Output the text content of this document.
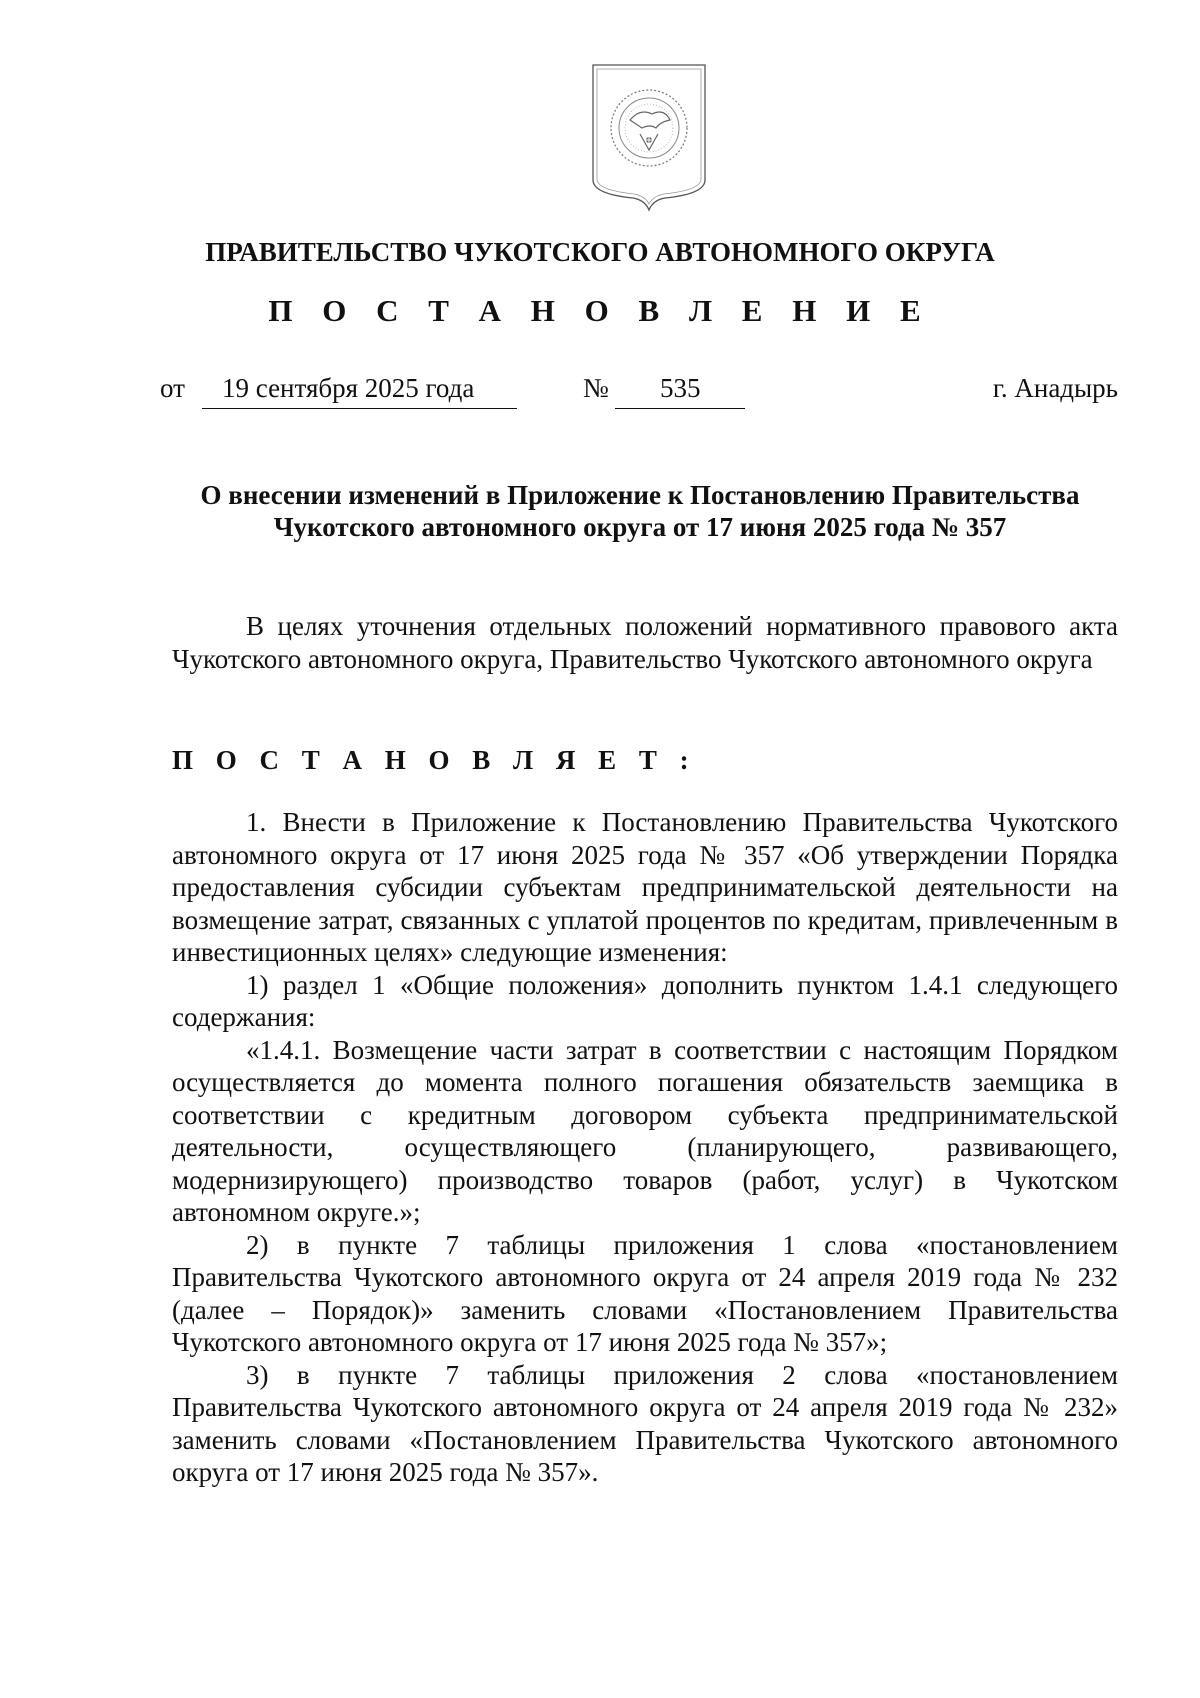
ПРАВИТЕЛЬСТВО ЧУКОТСКОГО АВТОНОМНОГО ОКРУГА
П О С Т А Н О В Л Е Н И Е
от 19 сентября 2025 года	№ 535	г. Анадырь
О внесении изменений в Приложение к Постановлению Правительства
Чукотского автономного округа от 17 июня 2025 года № 357

В целях уточнения отдельных положений нормативного правового акта Чукотского автономного округа, Правительство Чукотского автономного округа

П О С Т А Н О В Л Я Е Т :

1. Внести в Приложение к Постановлению Правительства Чукотского автономного округа от 17 июня 2025 года № 357 «Об утверждении Порядка предоставления субсидии субъектам предпринимательской деятельности на возмещение затрат, связанных с уплатой процентов по кредитам, привлеченным в инвестиционных целях» следующие изменения:

1) раздел 1 «Общие положения» дополнить пунктом 1.4.1 следующего содержания:

«1.4.1. Возмещение части затрат в соответствии с настоящим Порядком осуществляется до момента полного погашения обязательств заемщика в соответствии с кредитным договором субъекта предпринимательской деятельности, осуществляющего (планирующего, развивающего, модернизирующего) производство товаров (работ, услуг) в Чукотском автономном округе.»;

2) в пункте 7 таблицы приложения 1 слова «постановлением Правительства Чукотского автономного округа от 24 апреля 2019 года № 232 (далее – Порядок)» заменить словами «Постановлением Правительства Чукотского автономного округа от 17 июня 2025 года № 357»;

3) в пункте 7 таблицы приложения 2 слова «постановлением Правительства Чукотского автономного округа от 24 апреля 2019 года № 232» заменить словами «Постановлением Правительства Чукотского автономного округа от 17 июня 2025 года № 357».
